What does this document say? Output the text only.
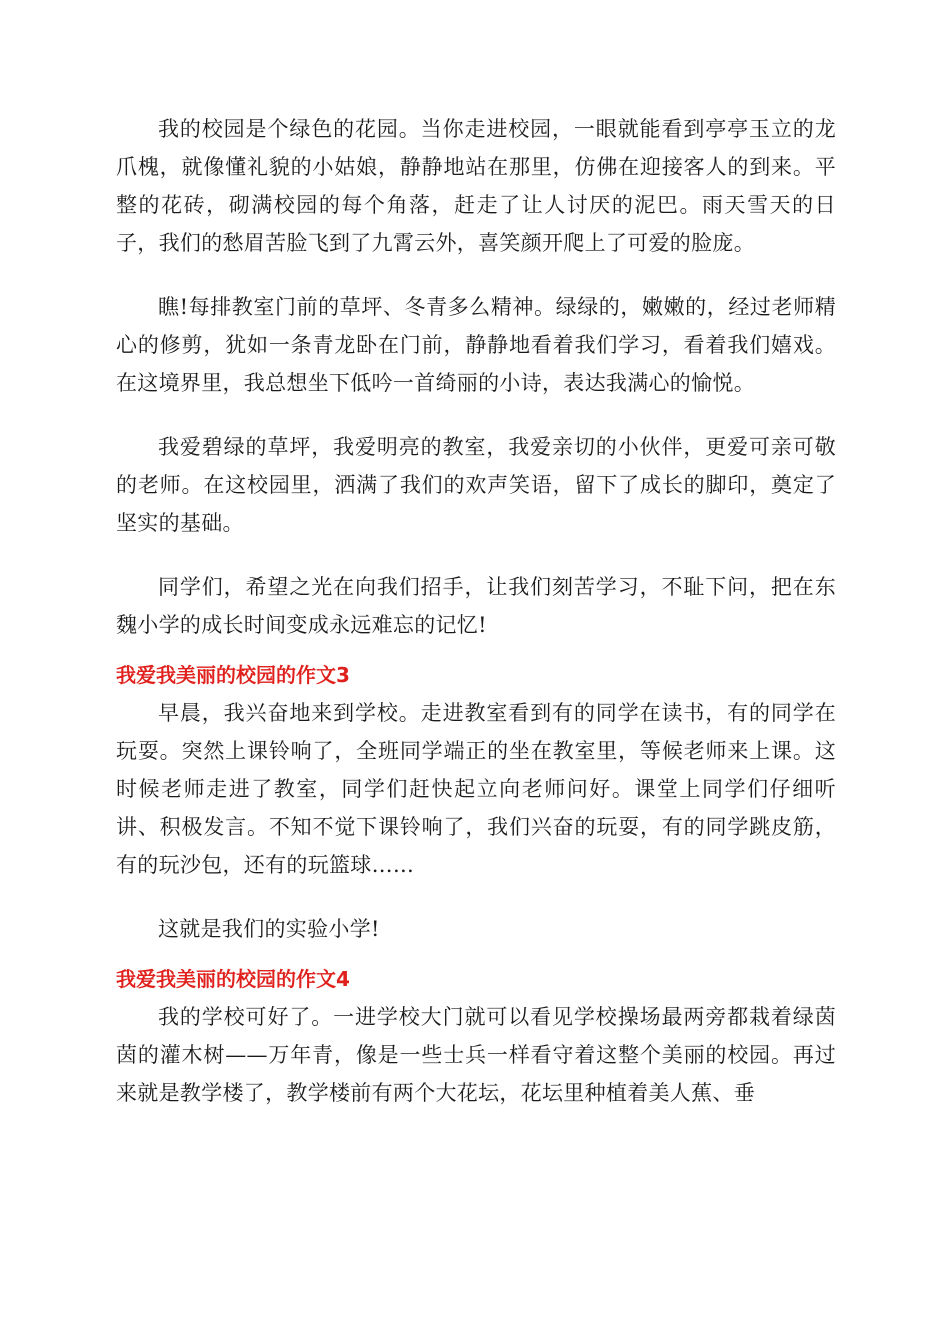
我的校园是个绿色的花园。当你走进校园，一眼就能看到亭亭玉立的龙爪槐，就像懂礼貌的小姑娘，静静地站在那里，仿佛在迎接客人的到来。平整的花砖，砌满校园的每个角落，赶走了让人讨厌的泥巴。雨天雪天的日子，我们的愁眉苦脸飞到了九霄云外，喜笑颜开爬上了可爱的脸庞。

瞧!每排教室门前的草坪、冬青多么精神。绿绿的，嫩嫩的，经过老师精心的修剪，犹如一条青龙卧在门前，静静地看着我们学习，看着我们嬉戏。在这境界里，我总想坐下低吟一首绮丽的小诗，表达我满心的愉悦。

我爱碧绿的草坪，我爱明亮的教室，我爱亲切的小伙伴，更爱可亲可敬的老师。在这校园里，洒满了我们的欢声笑语，留下了成长的脚印，奠定了坚实的基础。

同学们，希望之光在向我们招手，让我们刻苦学习，不耻下问，把在东魏小学的成长时间变成永远难忘的记忆!

我爱我美丽的校园的作文3

早晨，我兴奋地来到学校。走进教室看到有的同学在读书，有的同学在玩耍。突然上课铃响了，全班同学端正的坐在教室里，等候老师来上课。这时候老师走进了教室，同学们赶快起立向老师问好。课堂上同学们仔细听讲、积极发言。不知不觉下课铃响了，我们兴奋的玩耍，有的同学跳皮筋，有的玩沙包，还有的玩篮球……

这就是我们的实验小学!

我爱我美丽的校园的作文4

我的学校可好了。一进学校大门就可以看见学校操场最两旁都栽着绿茵茵的灌木树——万年青，像是一些士兵一样看守着这整个美丽的校园。再过来就是教学楼了，教学楼前有两个大花坛，花坛里种植着美人蕉、垂
